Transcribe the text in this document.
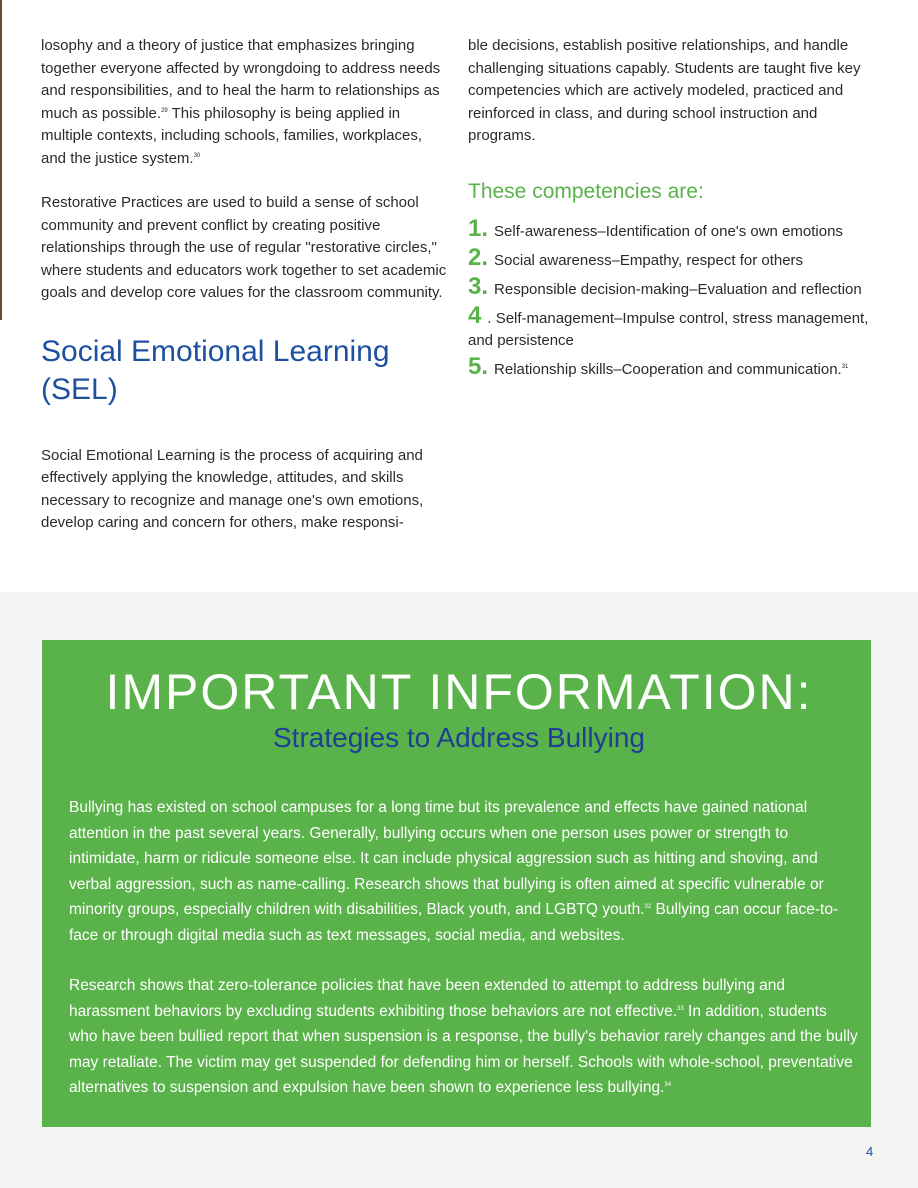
losophy and a theory of justice that emphasizes bringing together everyone affected by wrongdoing to address needs and responsibilities, and to heal the harm to relationships as much as possible.$^{29}$ This philosophy is being applied in multiple contexts, including schools, families, workplaces, and the justice system.$^{30}$

Restorative Practices are used to build a sense of school community and prevent conflict by creating positive relationships through the use of regular "restorative circles," where students and educators work together to set academic goals and develop core values for the classroom community.

Social Emotional Learning (SEL)

Social Emotional Learning is the process of acquiring and effectively applying the knowledge, attitudes, and skills necessary to recognize and manage one's own emotions, develop caring and concern for others, make responsi-

ble decisions, establish positive relationships, and handle challenging situations capably. Students are taught five key competencies which are actively modeled, practiced and reinforced in class, and during school instruction and programs.

These competencies are:
1. Self-awareness–Identification of one's own emotions
2. Social awareness–Empathy, respect for others
3. Responsible decision-making–Evaluation and reflection
4 . Self-management–Impulse control, stress management, and persistence
5. Relationship skills–Cooperation and communication.$^{31}$
IMPORTANT INFORMATION:
Strategies to Address Bullying

Bullying has existed on school campuses for a long time but its prevalence and effects have gained national attention in the past several years. Generally, bullying occurs when one person uses power or strength to intimidate, harm or ridicule someone else. It can include physical aggression such as hitting and shoving, and verbal aggression, such as name-calling. Research shows that bullying is often aimed at specific vulnerable or minority groups, especially children with disabilities, Black youth, and LGBTQ youth.$^{32}$ Bullying can occur face-to-face or through digital media such as text messages, social media, and websites.

Research shows that zero-tolerance policies that have been extended to attempt to address bullying and harassment behaviors by excluding students exhibiting those behaviors are not effective.$^{33}$ In addition, students who have been bullied report that when suspension is a response, the bully's behavior rarely changes and the bully may retaliate. The victim may get suspended for defending him or herself. Schools with whole-school, preventative alternatives to suspension and expulsion have been shown to experience less bullying.$^{34}$

4
